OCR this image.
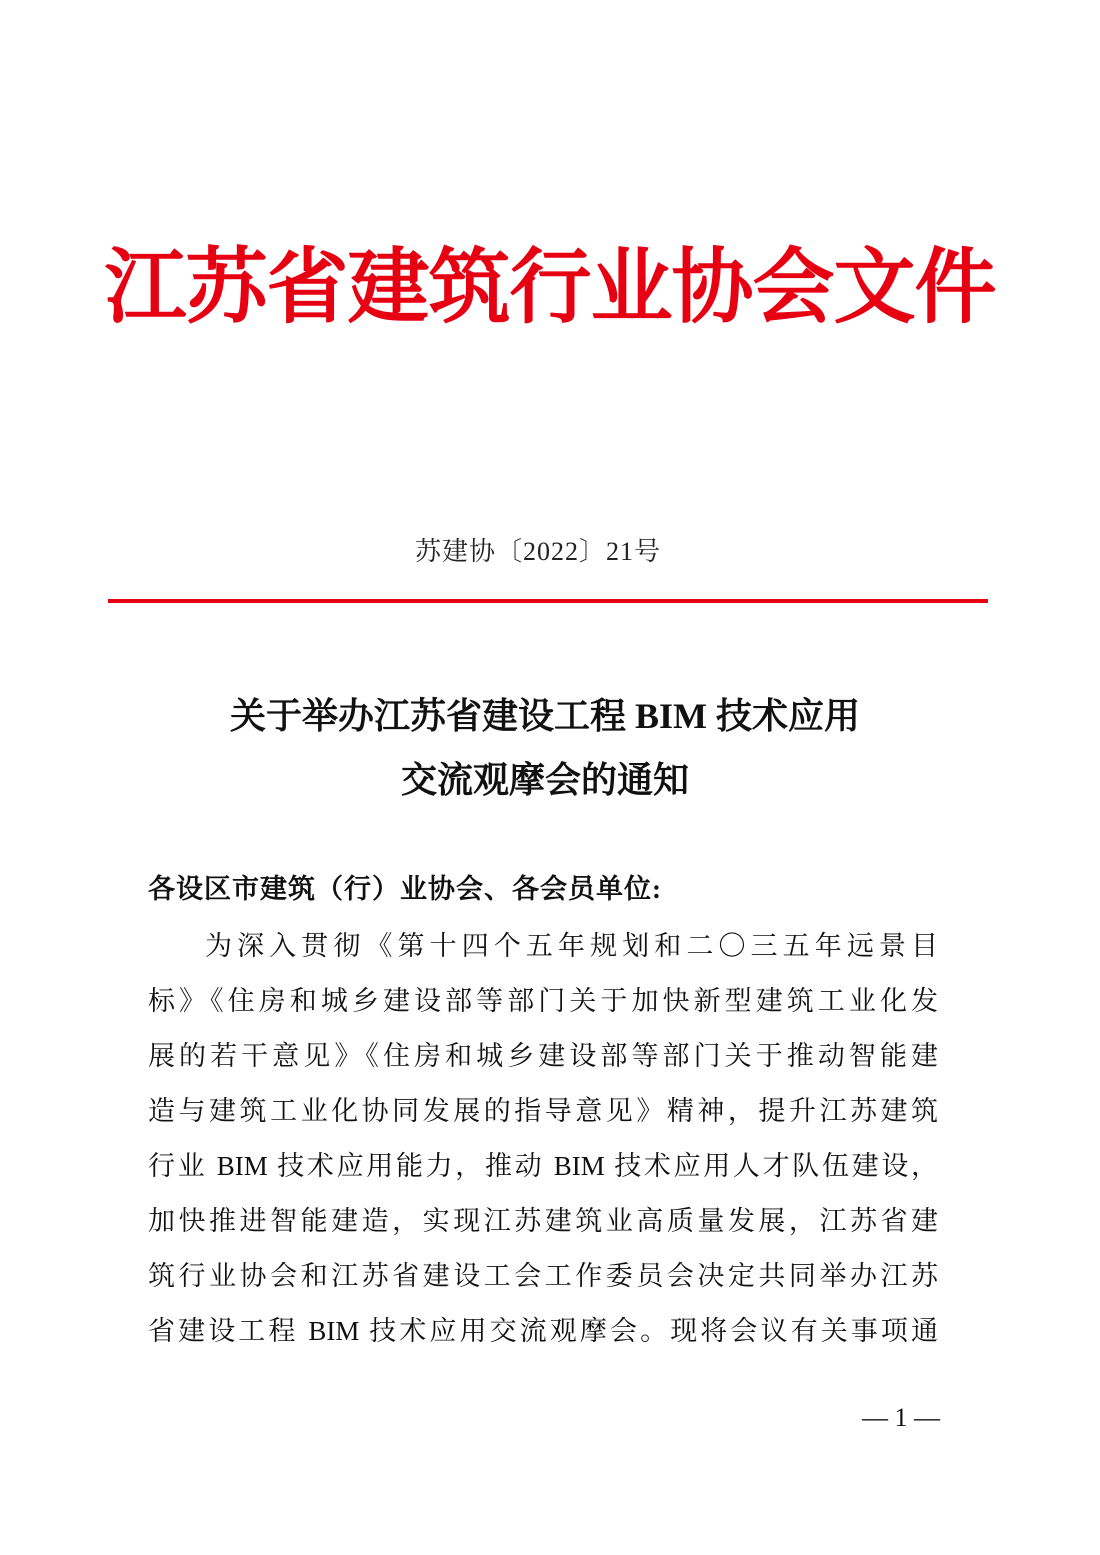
江苏省建筑行业协会文件
苏建协〔2022〕21号
关于举办江苏省建设工程 BIM 技术应用
交流观摩会的通知
各设区市建筑（行）业协会、各会员单位:
为深入贯彻《第十四个五年规划和二〇三五年远景目
标》《住房和城乡建设部等部门关于加快新型建筑工业化发
展的若干意见》《住房和城乡建设部等部门关于推动智能建
造与建筑工业化协同发展的指导意见》精神，提升江苏建筑
行业 BIM 技术应用能力，推动 BIM 技术应用人才队伍建设，
加快推进智能建造，实现江苏建筑业高质量发展，江苏省建
筑行业协会和江苏省建设工会工作委员会决定共同举办江苏
省建设工程 BIM 技术应用交流观摩会。现将会议有关事项通
— 1 —
